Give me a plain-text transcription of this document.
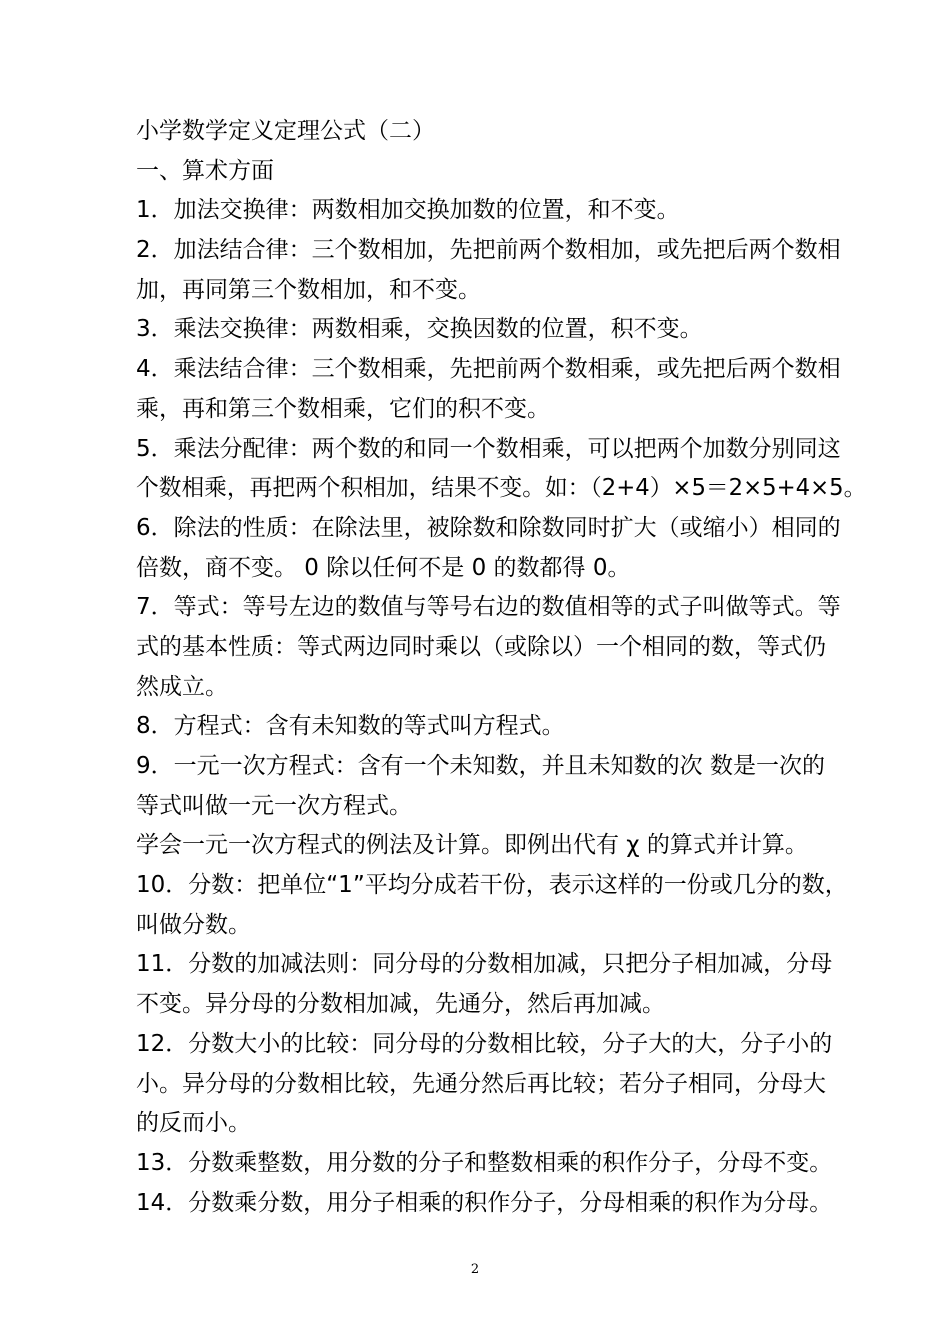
小学数学定义定理公式（二）
一、算术方面
1．加法交换律：两数相加交换加数的位置，和不变。
2．加法结合律：三个数相加，先把前两个数相加，或先把后两个数相
加，再同第三个数相加，和不变。
3．乘法交换律：两数相乘，交换因数的位置，积不变。
4．乘法结合律：三个数相乘，先把前两个数相乘，或先把后两个数相
乘，再和第三个数相乘，它们的积不变。
5．乘法分配律：两个数的和同一个数相乘，可以把两个加数分别同这
个数相乘，再把两个积相加，结果不变。如：（2+4）×5＝2×5+4×5。
6．除法的性质：在除法里，被除数和除数同时扩大（或缩小）相同的
倍数，商不变。 0 除以任何不是 0 的数都得 0。
7．等式：等号左边的数值与等号右边的数值相等的式子叫做等式。等
式的基本性质：等式两边同时乘以（或除以）一个相同的数，等式仍
然成立。
8．方程式：含有未知数的等式叫方程式。
9．一元一次方程式：含有一个未知数，并且未知数的次 数是一次的
等式叫做一元一次方程式。
学会一元一次方程式的例法及计算。即例出代有 χ 的算式并计算。
10．分数：把单位“1”平均分成若干份，表示这样的一份或几分的数，
叫做分数。
11．分数的加减法则：同分母的分数相加减，只把分子相加减，分母
不变。异分母的分数相加减，先通分，然后再加减。
12．分数大小的比较：同分母的分数相比较，分子大的大，分子小的
小。异分母的分数相比较，先通分然后再比较；若分子相同，分母大
的反而小。
13．分数乘整数，用分数的分子和整数相乘的积作分子，分母不变。
14．分数乘分数，用分子相乘的积作分子，分母相乘的积作为分母。
2
